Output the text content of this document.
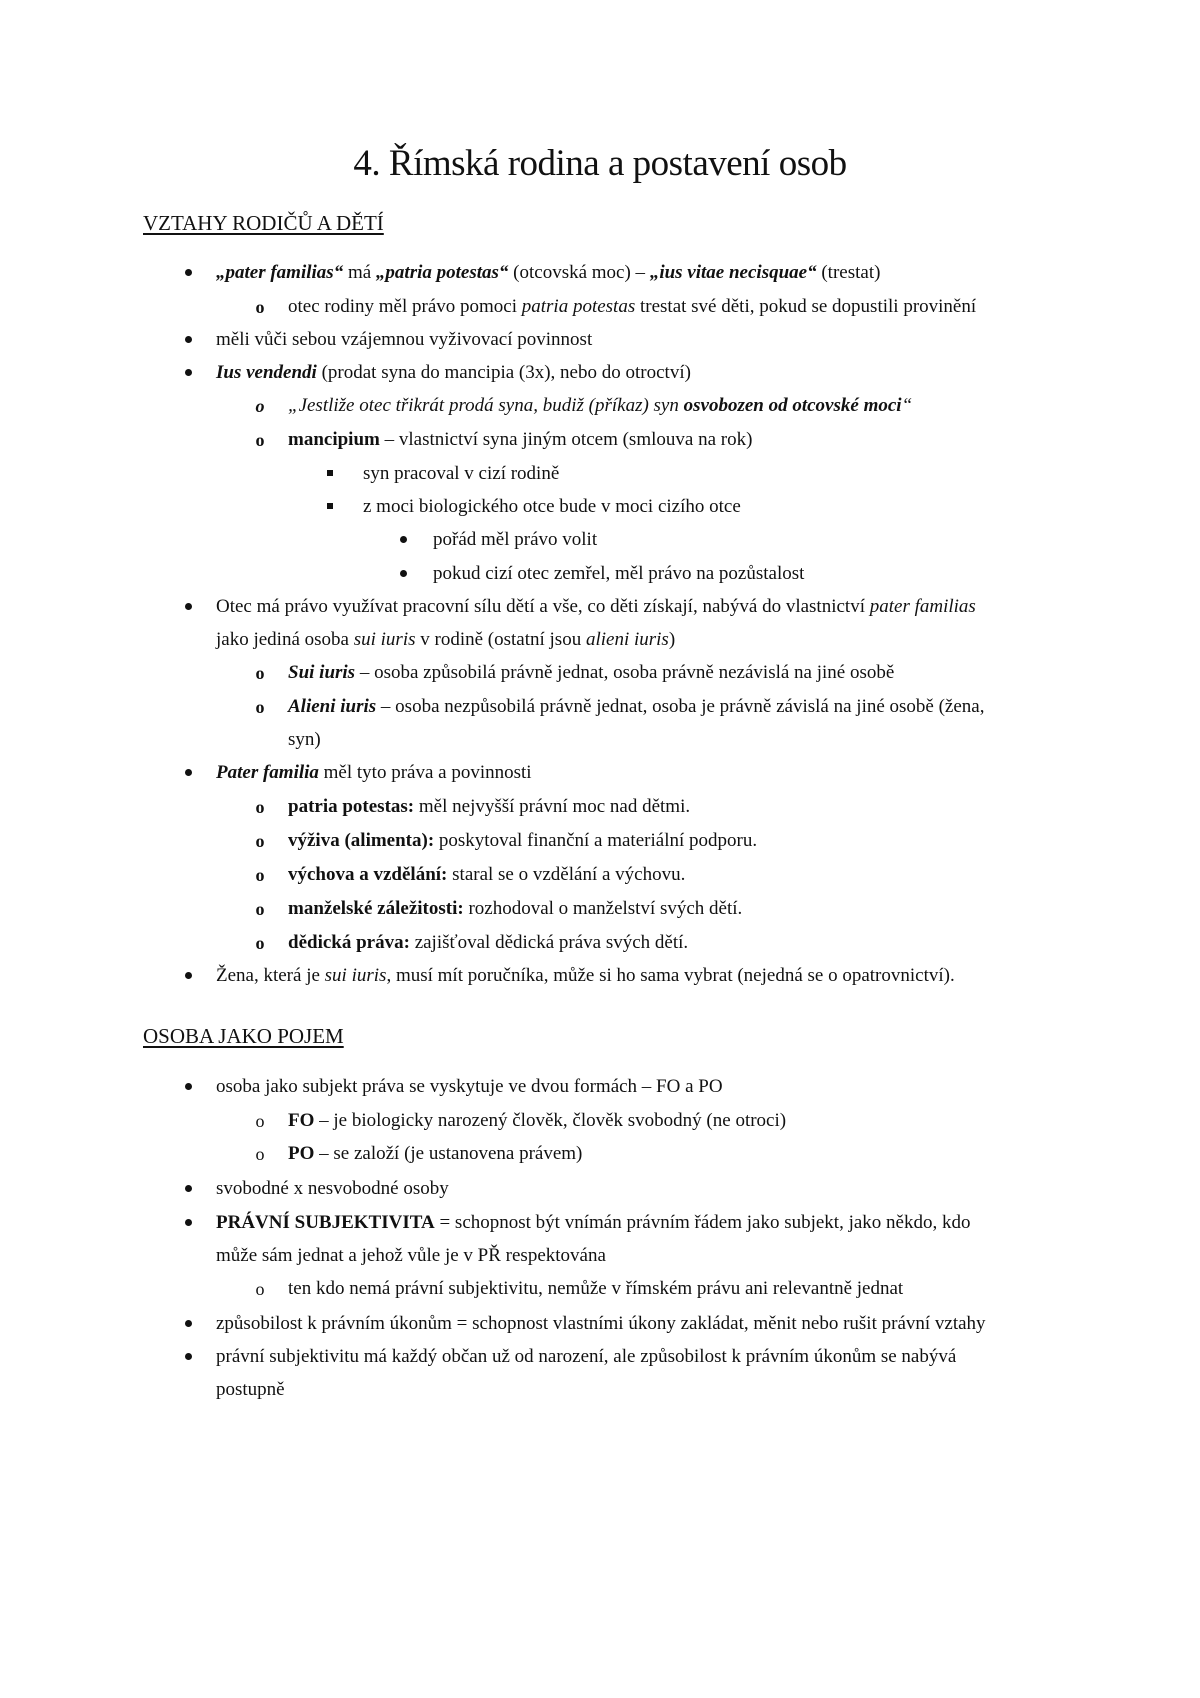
4. Římská rodina a postavení osob
VZTAHY RODIČŮ A DĚTÍ
„pater familias“ má „patria potestas“ (otcovská moc) – „ius vitae necisquae“ (trestat)
o otec rodiny měl právo pomoci patria potestas trestat své děti, pokud se dopustili provinění
měli vůči sebou vzájemnou vyživovací povinnost
Ius vendendi (prodat syna do mancipia (3x), nebo do otroctví)
o „Jestliže otec třikrát prodá syna, budiž (příkaz) syn osvobozen od otcovské moci“
o mancipium – vlastnictví syna jiným otcem (smlouva na rok)
syn pracoval v cizí rodině
z moci biologického otce bude v moci cizího otce
pořád měl právo volit
pokud cizí otec zemřel, měl právo na pozůstalost
Otec má právo využívat pracovní sílu dětí a vše, co děti získají, nabývá do vlastnictví pater familias
jako jediná osoba sui iuris v rodině (ostatní jsou alieni iuris)
o Sui iuris – osoba způsobilá právně jednat, osoba právně nezávislá na jiné osobě
o Alieni iuris – osoba nezpůsobilá právně jednat, osoba je právně závislá na jiné osobě (žena,
syn)
Pater familia měl tyto práva a povinnosti
o patria potestas: měl nejvyšší právní moc nad dětmi.
o výživa (alimenta): poskytoval finanční a materiální podporu.
o výchova a vzdělání: staral se o vzdělání a výchovu.
o manželské záležitosti: rozhodoval o manželství svých dětí.
o dědická práva: zajišťoval dědická práva svých dětí.
Žena, která je sui iuris, musí mít poručníka, může si ho sama vybrat (nejedná se o opatrovnictví).
OSOBA JAKO POJEM
osoba jako subjekt práva se vyskytuje ve dvou formách – FO a PO
o FO – je biologicky narozený člověk, člověk svobodný (ne otroci)
o PO – se založí (je ustanovena právem)
svobodné x nesvobodné osoby
PRÁVNÍ SUBJEKTIVITA = schopnost být vnímán právním řádem jako subjekt, jako někdo, kdo
může sám jednat a jehož vůle je v PŘ respektována
o ten kdo nemá právní subjektivitu, nemůže v římském právu ani relevantně jednat
způsobilost k právním úkonům = schopnost vlastními úkony zakládat, měnit nebo rušit právní vztahy
právní subjektivitu má každý občan už od narození, ale způsobilost k právním úkonům se nabývá
postupně
